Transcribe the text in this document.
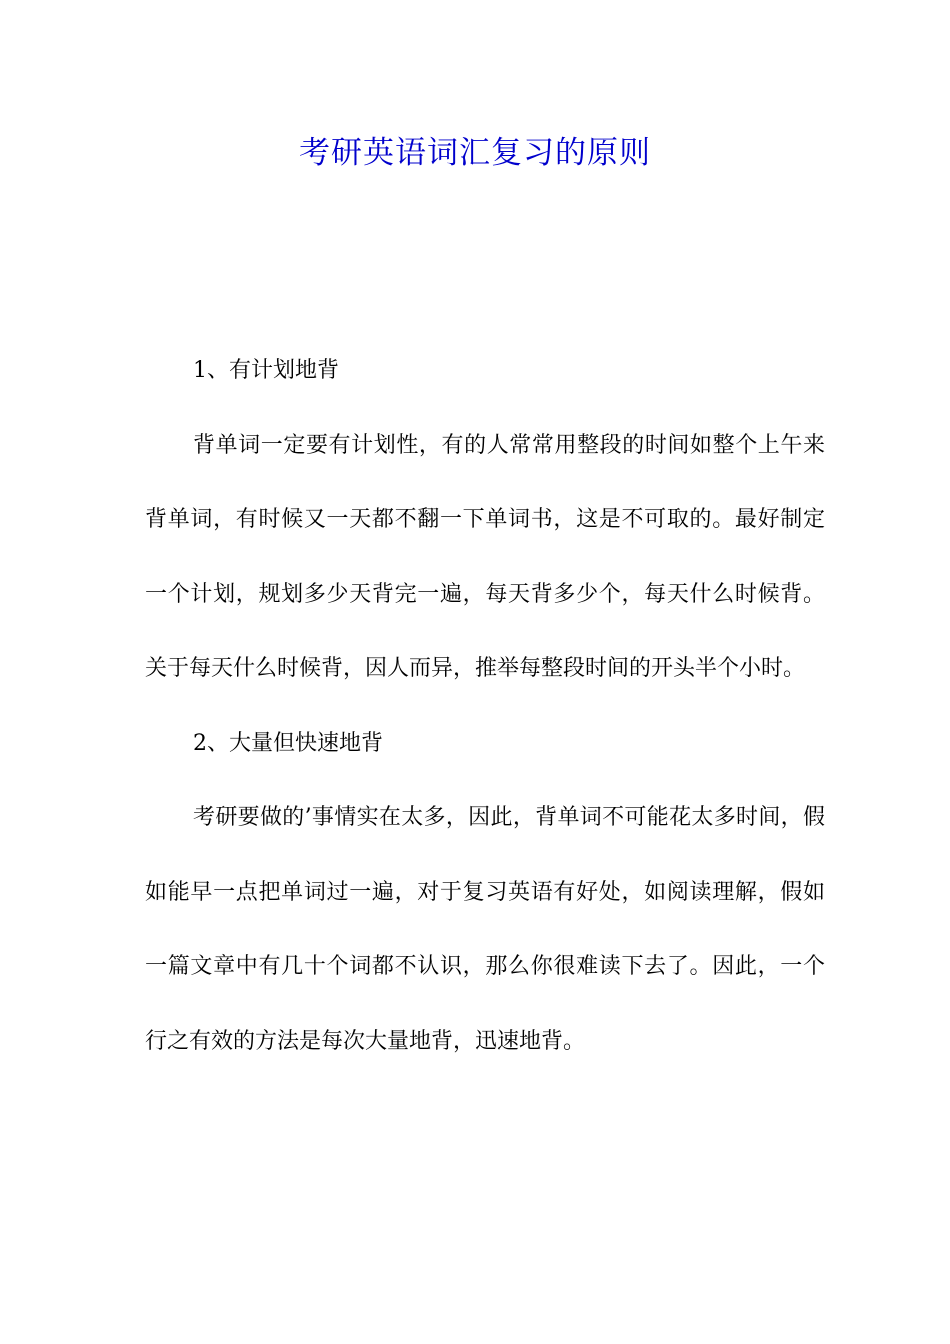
考研英语词汇复习的原则

1、有计划地背

背单词一定要有计划性，有的人常常用整段的时间如整个上午来背单词，有时候又一天都不翻一下单词书，这是不可取的。最好制定一个计划，规划多少天背完一遍，每天背多少个，每天什么时候背。关于每天什么时候背，因人而异，推举每整段时间的开头半个小时。

2、大量但快速地背

考研要做的’事情实在太多，因此，背单词不可能花太多时间，假如能早一点把单词过一遍，对于复习英语有好处，如阅读理解，假如一篇文章中有几十个词都不认识，那么你很难读下去了。因此，一个行之有效的方法是每次大量地背，迅速地背。
